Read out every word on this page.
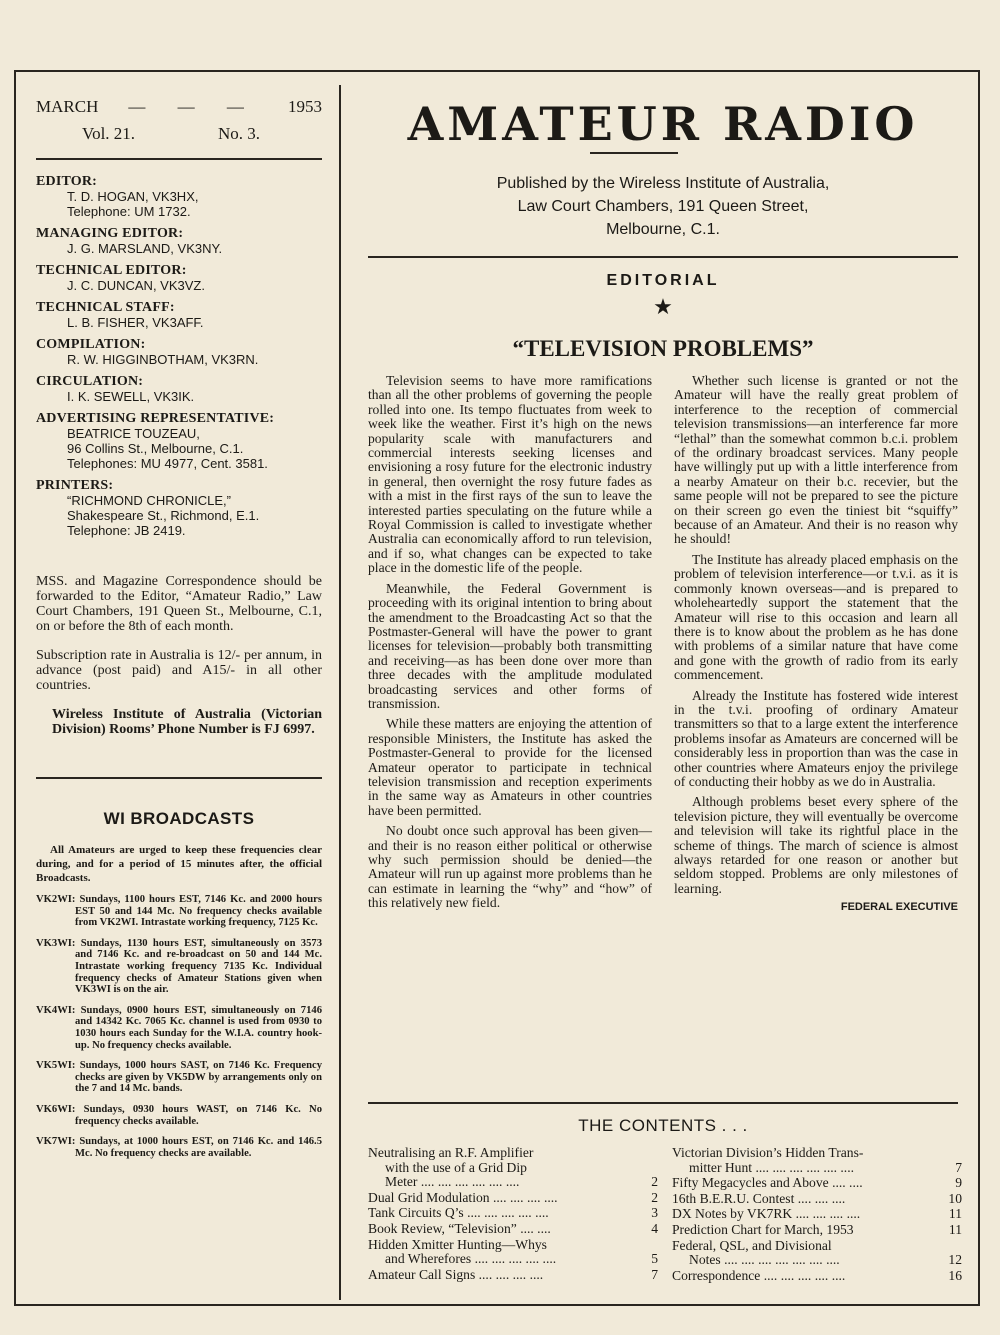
MARCH — — — 1953
Vol. 21.	No. 3.
EDITOR:
T. D. HOGAN, VK3HX,
Telephone: UM 1732.
MANAGING EDITOR:
J. G. MARSLAND, VK3NY.
TECHNICAL EDITOR:
J. C. DUNCAN, VK3VZ.
TECHNICAL STAFF:
L. B. FISHER, VK3AFF.
COMPILATION:
R. W. HIGGINBOTHAM, VK3RN.
CIRCULATION:
I. K. SEWELL, VK3IK.
ADVERTISING REPRESENTATIVE:
BEATRICE TOUZEAU,
96 Collins St., Melbourne, C.1.
Telephones: MU 4977, Cent. 3581.
PRINTERS:
“RICHMOND CHRONICLE,”
Shakespeare St., Richmond, E.1.
Telephone: JB 2419.
MSS. and Magazine Correspondence should be forwarded to the Editor, “Amateur Radio,” Law Court Chambers, 191 Queen St., Melbourne, C.1, on or before the 8th of each month.
Subscription rate in Australia is 12/- per annum, in advance (post paid) and A15/- in all other countries.
Wireless Institute of Australia (Victorian Division) Rooms’ Phone Number is FJ 6997.
WI BROADCASTS
All Amateurs are urged to keep these frequencies clear during, and for a period of 15 minutes after, the official Broadcasts.
VK2WI: Sundays, 1100 hours EST, 7146 Kc. and 2000 hours EST 50 and 144 Mc. No frequency checks available from VK2WI. Intrastate working frequency, 7125 Kc.
VK3WI: Sundays, 1130 hours EST, simultaneously on 3573 and 7146 Kc. and re-broadcast on 50 and 144 Mc. Intrastate working frequency 7135 Kc. Individual frequency checks of Amateur Stations given when VK3WI is on the air.
VK4WI: Sundays, 0900 hours EST, simultaneously on 7146 and 14342 Kc. 7065 Kc. channel is used from 0930 to 1030 hours each Sunday for the W.I.A. country hook-up. No frequency checks available.
VK5WI: Sundays, 1000 hours SAST, on 7146 Kc. Frequency checks are given by VK5DW by arrangements only on the 7 and 14 Mc. bands.
VK6WI: Sundays, 0930 hours WAST, on 7146 Kc. No frequency checks available.
VK7WI: Sundays, at 1000 hours EST, on 7146 Kc. and 146.5 Mc. No frequency checks are available.
AMATEUR RADIO
Published by the Wireless Institute of Australia,
Law Court Chambers, 191 Queen Street,
Melbourne, C.1.
EDITORIAL
★
“TELEVISION PROBLEMS”

Television seems to have more ramifications than all the other problems of governing the people rolled into one. Its tempo fluctuates from week to week like the weather. First it’s high on the news popularity scale with manufacturers and commercial interests seeking licenses and envisioning a rosy future for the electronic industry in general, then overnight the rosy future fades as with a mist in the first rays of the sun to leave the interested parties speculating on the future while a Royal Commission is called to investigate whether Australia can economically afford to run television, and if so, what changes can be expected to take place in the domestic life of the people.

Meanwhile, the Federal Government is proceeding with its original intention to bring about the amendment to the Broadcasting Act so that the Postmaster-General will have the power to grant licenses for television—probably both transmitting and receiving—as has been done over more than three decades with the amplitude modulated broadcasting services and other forms of transmission.

While these matters are enjoying the attention of responsible Ministers, the Institute has asked the Postmaster-General to provide for the licensed Amateur operator to participate in technical television transmission and reception experiments in the same way as Amateurs in other countries have been permitted.

No doubt once such approval has been given—and their is no reason either political or otherwise why such permission should be denied—the Amateur will run up against more problems than he can estimate in learning the “why” and “how” of this relatively new field.

Whether such license is granted or not the Amateur will have the really great problem of interference to the reception of commercial television transmissions—an interference far more “lethal” than the somewhat common b.c.i. problem of the ordinary broadcast services. Many people have willingly put up with a little interference from a nearby Amateur on their b.c. recevier, but the same people will not be prepared to see the picture on their screen go even the tiniest bit “squiffy” because of an Amateur. And their is no reason why he should!

The Institute has already placed emphasis on the problem of television interference—or t.v.i. as it is commonly known overseas—and is prepared to wholeheartedly support the statement that the Amateur will rise to this occasion and learn all there is to know about the problem as he has done with problems of a similar nature that have come and gone with the growth of radio from its early commencement.

Already the Institute has fostered wide interest in the t.v.i. proofing of ordinary Amateur transmitters so that to a large extent the interference problems insofar as Amateurs are concerned will be considerably less in proportion than was the case in other countries where Amateurs enjoy the privilege of conducting their hobby as we do in Australia.

Although problems beset every sphere of the television picture, they will eventually be overcome and television will take its rightful place in the scheme of things. The march of science is almost always retarded for one reason or another but seldom stopped. Problems are only milestones of learning.

FEDERAL EXECUTIVE
THE CONTENTS . . .
Neutralising an R.F. Amplifier
with the use of a Grid Dip
Meter .... .... .... .... .... ....	2
Dual Grid Modulation .... .... .... ....	2
Tank Circuits Q’s .... .... .... .... ....	3
Book Review, “Television” .... ....	4
Hidden Xmitter Hunting—Whys
and Wherefores .... .... .... .... ....	5
Amateur Call Signs .... .... .... ....	7
Victorian Division’s Hidden Trans-
mitter Hunt .... .... .... .... .... ....	7
Fifty Megacycles and Above .... ....	9
16th B.E.R.U. Contest .... .... ....	10
DX Notes by VK7RK .... .... .... ....	11
Prediction Chart for March, 1953	11
Federal, QSL, and Divisional
Notes .... .... .... .... .... .... ....	12
Correspondence .... .... .... .... ....	16
